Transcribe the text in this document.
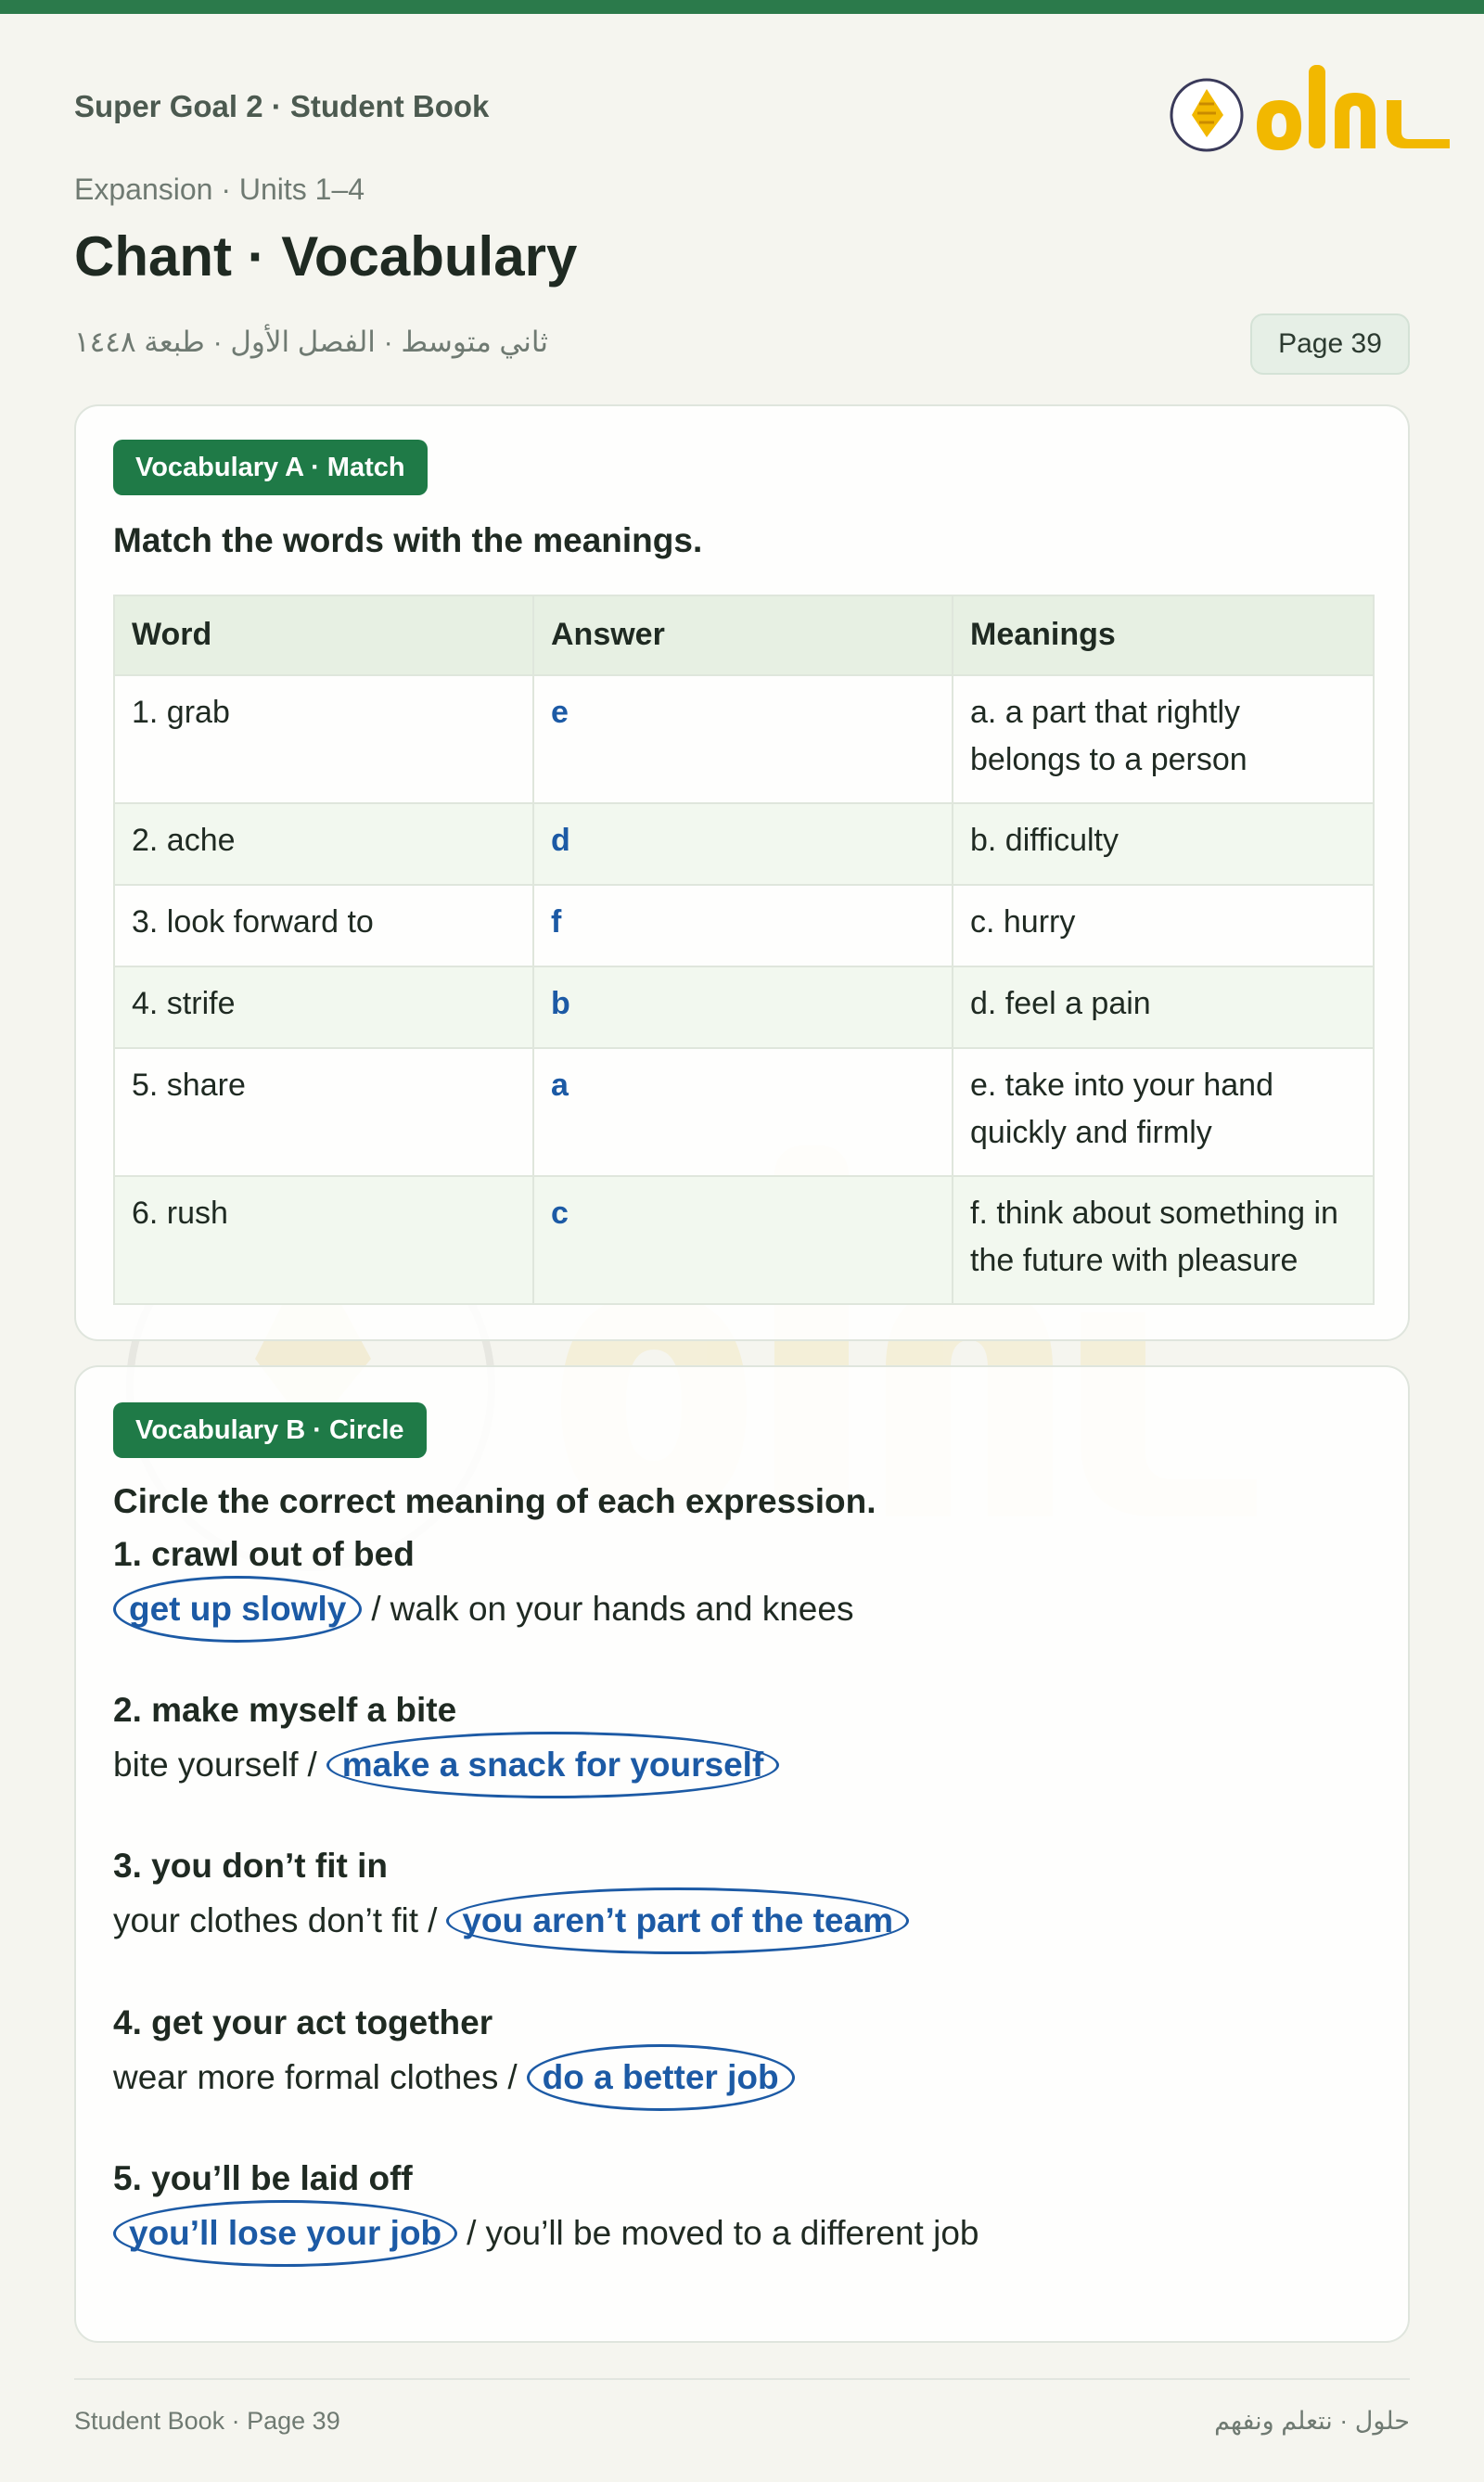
Super Goal 2 · Student Book
Expansion · Units 1–4
Chant · Vocabulary
ثاني متوسط · الفصل الأول · طبعة ١٤٤٨	Page 39
Vocabulary A · Match
Match the words with the meanings.
Word	Answer	Meanings
1. grab	e	a. a part that rightly belongs to a person
2. ache	d	b. difficulty
3. look forward to	f	c. hurry
4. strife	b	d. feel a pain
5. share	a	e. take into your hand quickly and firmly
6. rush	c	f. think about something in the future with pleasure
Vocabulary B · Circle
Circle the correct meaning of each expression.
1. crawl out of bed
get up slowly / walk on your hands and knees
2. make myself a bite
bite yourself / make a snack for yourself
3. you don’t fit in
your clothes don’t fit / you aren’t part of the team
4. get your act together
wear more formal clothes / do a better job
5. you’ll be laid off
you’ll lose your job / you’ll be moved to a different job
Student Book · Page 39	حلول · نتعلم ونفهم
